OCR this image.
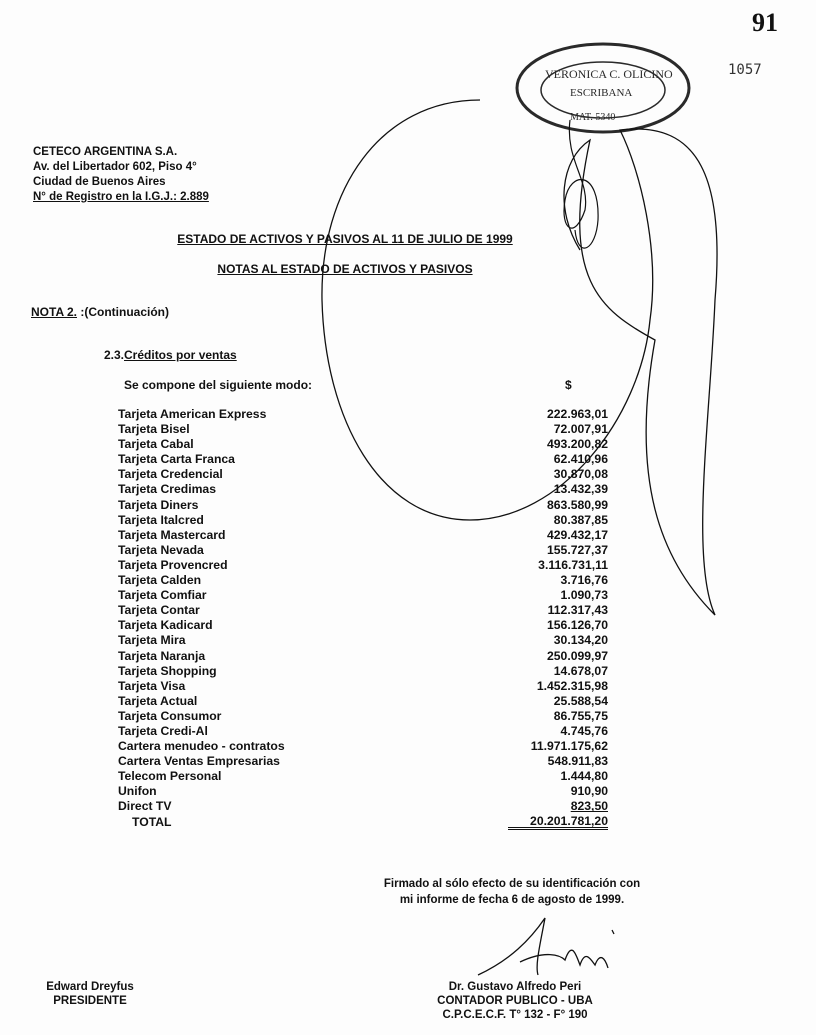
91
1057
CETECO ARGENTINA S.A.
Av. del Libertador 602, Piso 4°
Ciudad de Buenos Aires
N° de Registro en la I.G.J.: 2.889
ESTADO DE ACTIVOS Y PASIVOS AL 11 DE JULIO DE 1999
NOTAS AL ESTADO DE ACTIVOS Y PASIVOS
NOTA 2. :(Continuación)
2.3.Créditos por ventas
Se compone del siguiente modo:	$
Tarjeta American Express	222.963,01
Tarjeta Bisel	72.007,91
Tarjeta Cabal	493.200,82
Tarjeta Carta Franca	62.410,96
Tarjeta Credencial	30.870,08
Tarjeta Credimas	13.432,39
Tarjeta Diners	863.580,99
Tarjeta Italcred	80.387,85
Tarjeta Mastercard	429.432,17
Tarjeta Nevada	155.727,37
Tarjeta Provencred	3.116.731,11
Tarjeta Calden	3.716,76
Tarjeta Comfiar	1.090,73
Tarjeta Contar	112.317,43
Tarjeta Kadicard	156.126,70
Tarjeta Mira	30.134,20
Tarjeta Naranja	250.099,97
Tarjeta Shopping	14.678,07
Tarjeta Visa	1.452.315,98
Tarjeta Actual	25.588,54
Tarjeta Consumor	86.755,75
Tarjeta Credi-Al	4.745,76
Cartera menudeo - contratos	11.971.175,62
Cartera Ventas Empresarias	548.911,83
Telecom Personal	1.444,80
Unifon	910,90
Direct TV	823,50
TOTAL	20.201.781,20
Firmado al sólo efecto de su identificación con
mi informe de fecha 6 de agosto de 1999.
Edward Dreyfus
PRESIDENTE
Dr. Gustavo Alfredo Peri
CONTADOR PUBLICO - UBA
C.P.C.E.C.F. T° 132 - F° 190
VERONICA C. OLICINO
ESCRIBANA
MAT. 5340
